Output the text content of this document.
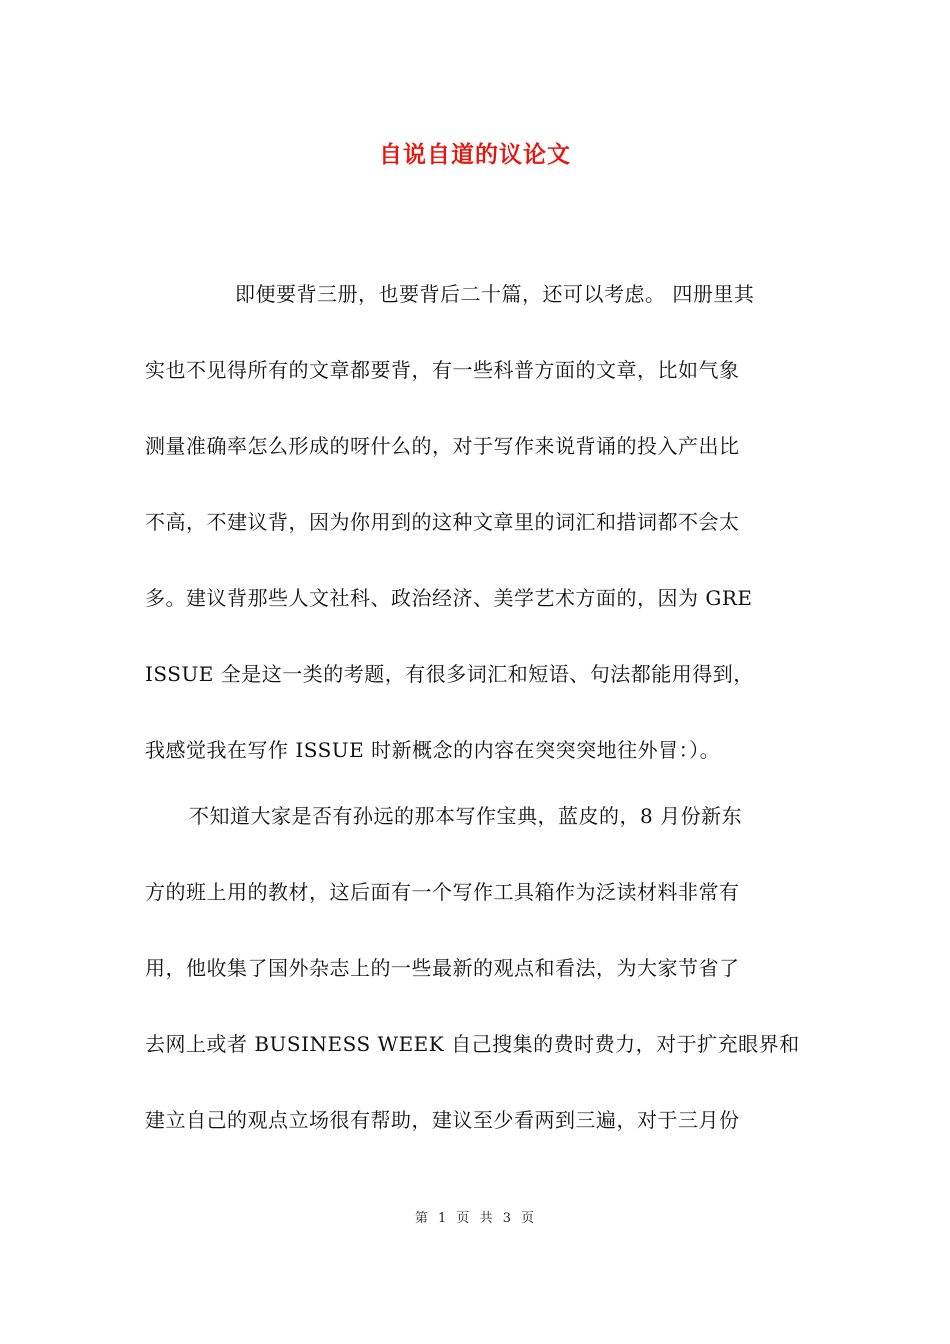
自说自道的议论文
即便要背三册，也要背后二十篇，还可以考虑。 四册里其
实也不见得所有的文章都要背，有一些科普方面的文章，比如气象
测量准确率怎么形成的呀什么的，对于写作来说背诵的投入产出比
不高，不建议背，因为你用到的这种文章里的词汇和措词都不会太
多。建议背那些人文社科、政治经济、美学艺术方面的，因为 GRE
ISSUE 全是这一类的考题，有很多词汇和短语、句法都能用得到，
我感觉我在写作 ISSUE 时新概念的内容在突突突地往外冒：）。
不知道大家是否有孙远的那本写作宝典，蓝皮的，8 月份新东
方的班上用的教材，这后面有一个写作工具箱作为泛读材料非常有
用，他收集了国外杂志上的一些最新的观点和看法，为大家节省了
去网上或者 BUSINESS WEEK 自己搜集的费时费力，对于扩充眼界和
建立自己的观点立场很有帮助，建议至少看两到三遍，对于三月份
第 1 页 共 3 页
